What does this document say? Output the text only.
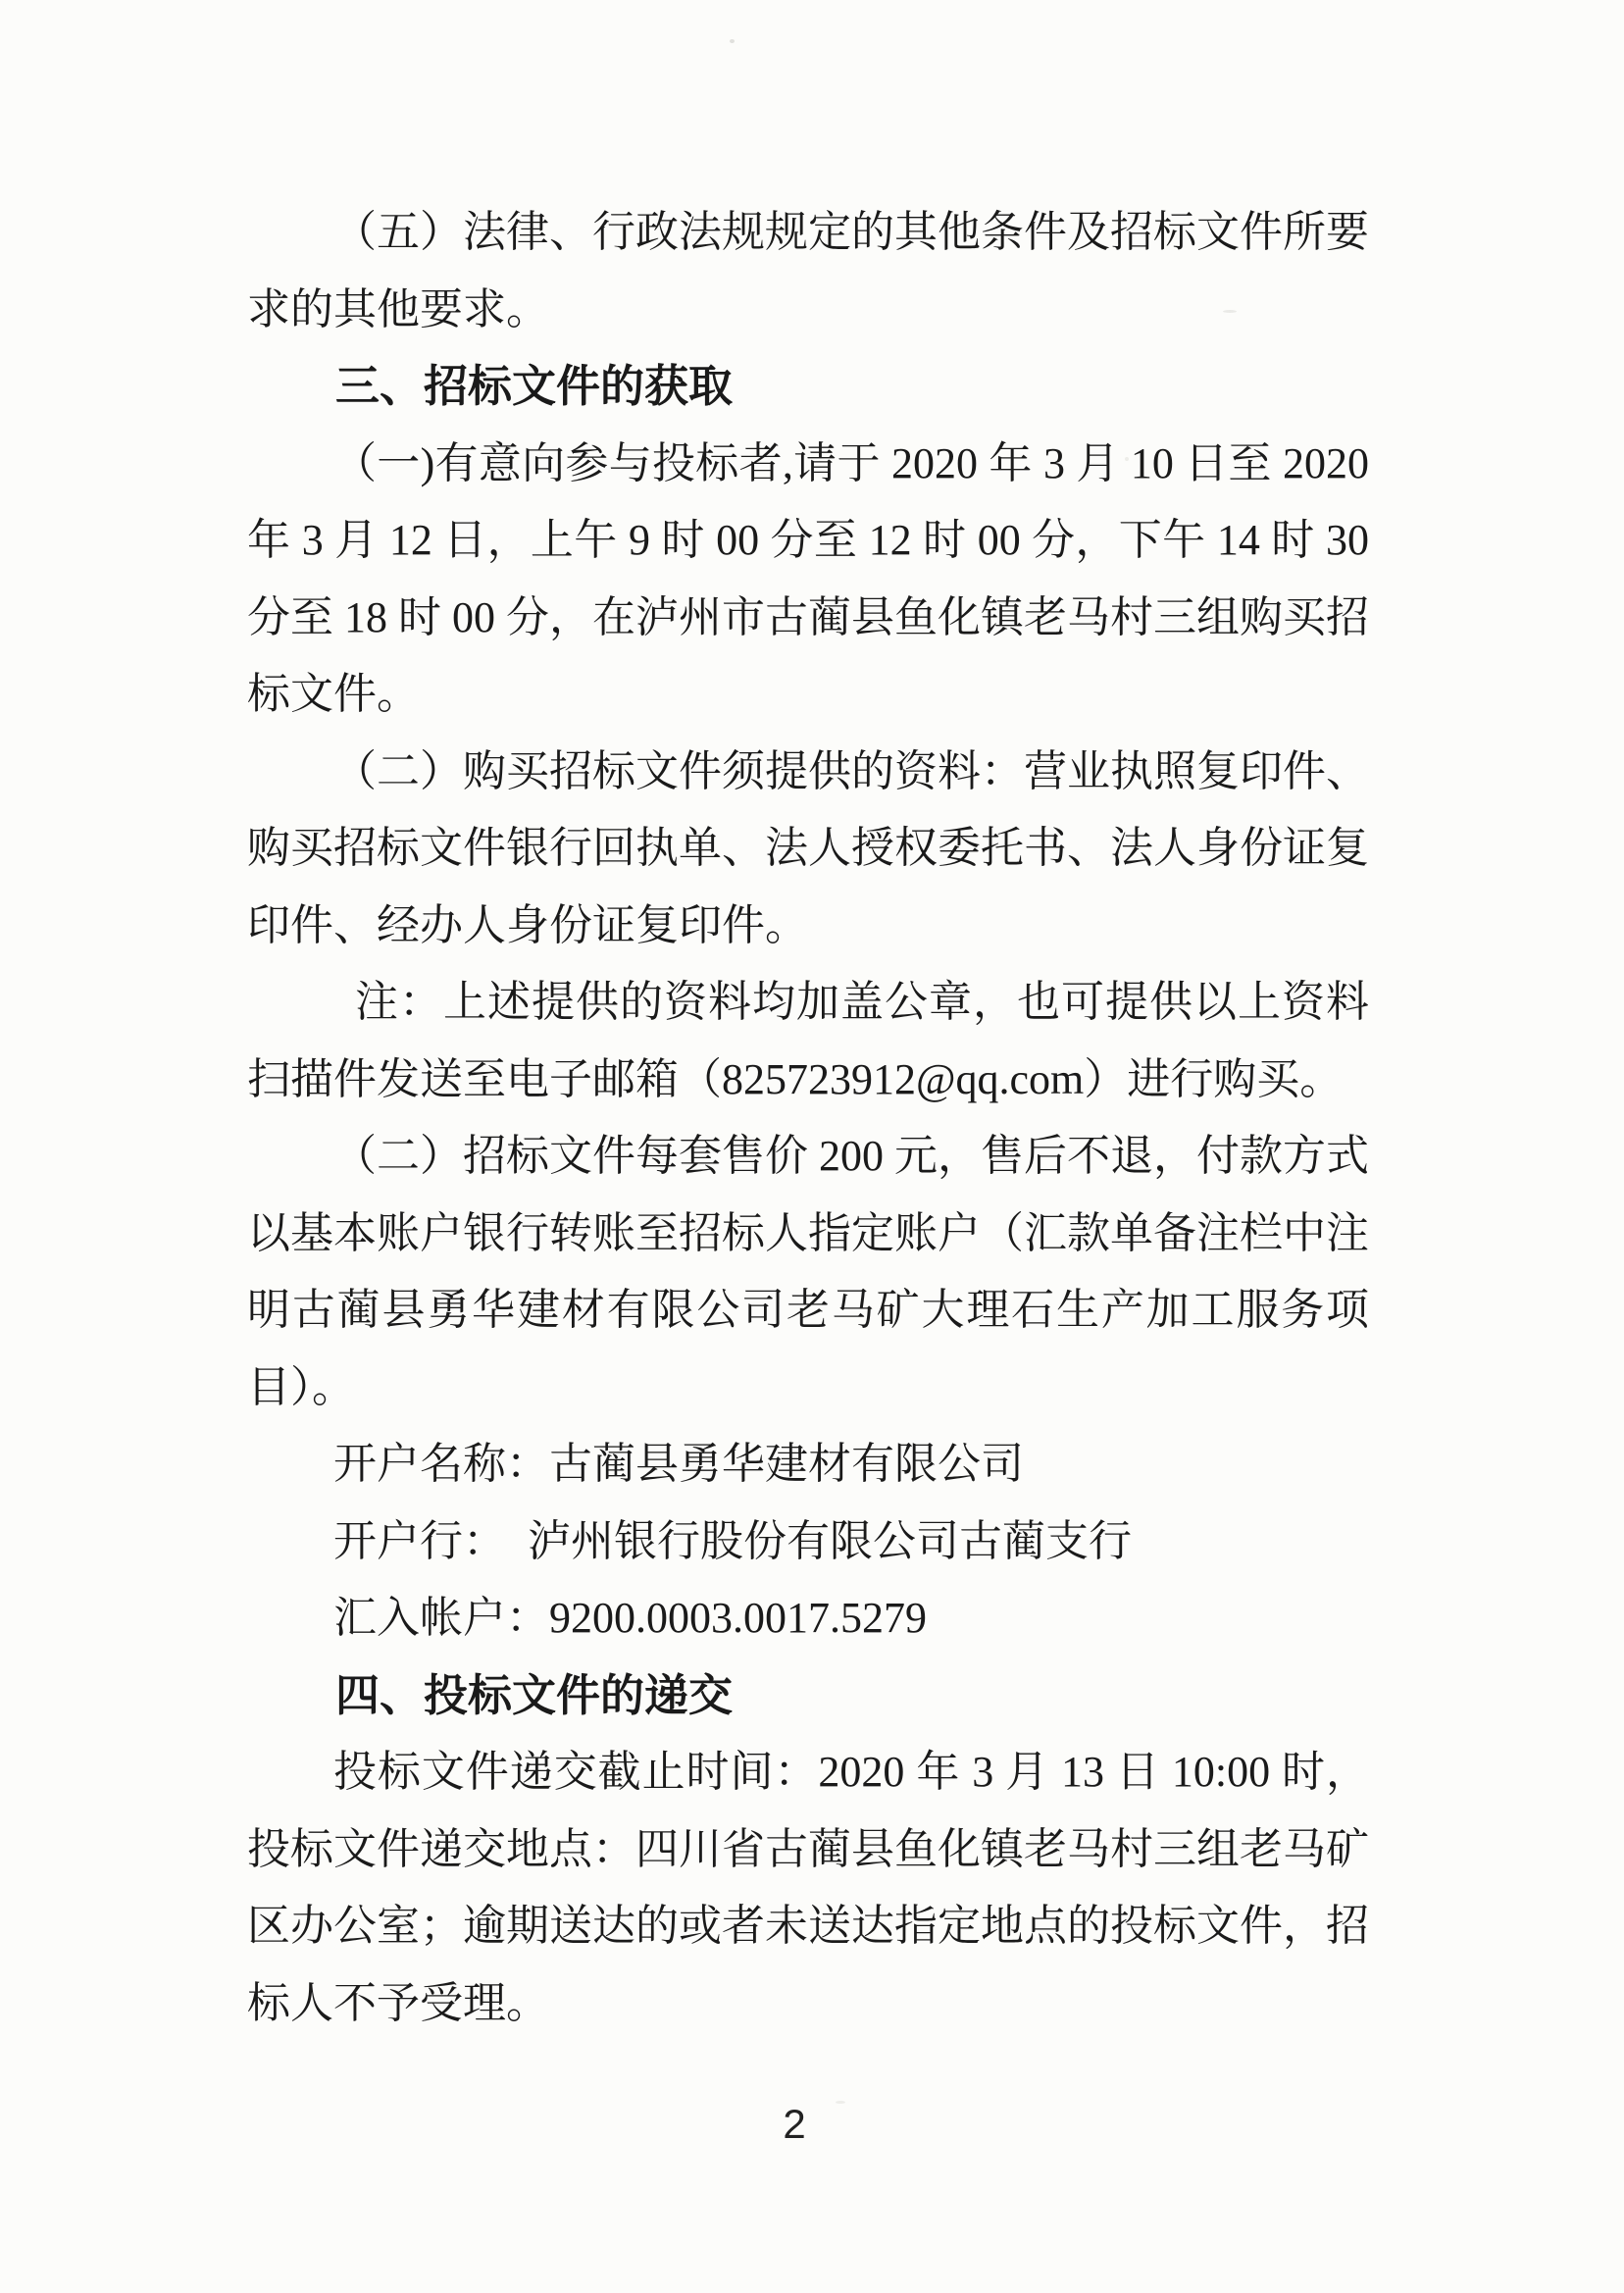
（五）法律、行政法规规定的其他条件及招标文件所要
求的其他要求。
三、招标文件的获取
（一)有意向参与投标者,请于 2020 年 3 月 10 日至 2020
年 3 月 12 日，上午 9 时 00 分至 12 时 00 分，下午 14 时 30
分至 18 时 00 分，在泸州市古蔺县鱼化镇老马村三组购买招
标文件。
（二）购买招标文件须提供的资料：营业执照复印件、
购买招标文件银行回执单、法人授权委托书、法人身份证复
印件、经办人身份证复印件。
注：上述提供的资料均加盖公章，也可提供以上资料
扫描件发送至电子邮箱（825723912@qq.com）进行购买。
（二）招标文件每套售价 200 元，售后不退，付款方式
以基本账户银行转账至招标人指定账户（汇款单备注栏中注
明古蔺县勇华建材有限公司老马矿大理石生产加工服务项
目）。
开户名称：古蔺县勇华建材有限公司
开户行：　泸州银行股份有限公司古蔺支行
汇入帐户：9200.0003.0017.5279
四、投标文件的递交
投标文件递交截止时间：2020 年 3 月 13 日 10:00 时，
投标文件递交地点：四川省古蔺县鱼化镇老马村三组老马矿
区办公室；逾期送达的或者未送达指定地点的投标文件，招
标人不予受理。
2
